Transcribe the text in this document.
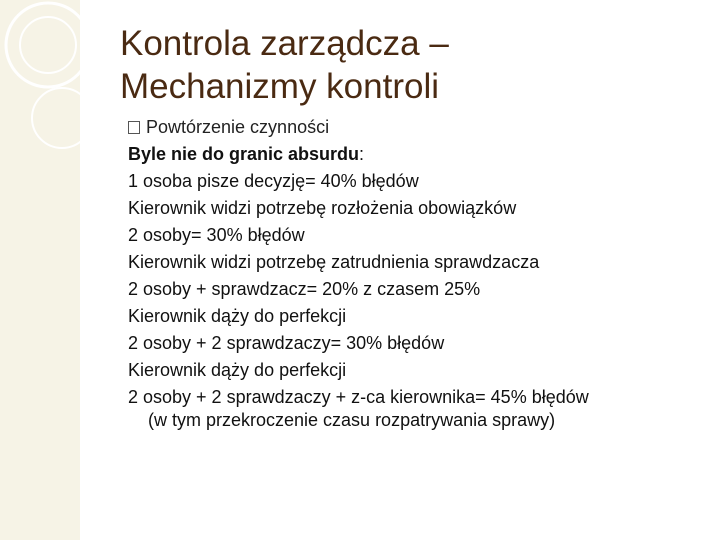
Kontrola zarządcza –
Mechanizmy kontroli
Powtórzenie czynności
Byle nie do granic absurdu:
1 osoba pisze decyzję= 40% błędów
Kierownik widzi potrzebę rozłożenia obowiązków
2 osoby= 30% błędów
Kierownik widzi potrzebę zatrudnienia sprawdzacza
2 osoby + sprawdzacz= 20% z czasem 25%
Kierownik dąży do perfekcji
2 osoby + 2 sprawdzaczy= 30% błędów
Kierownik dąży do perfekcji
2 osoby + 2 sprawdzaczy + z-ca kierownika= 45% błędów
(w tym przekroczenie czasu rozpatrywania sprawy)
